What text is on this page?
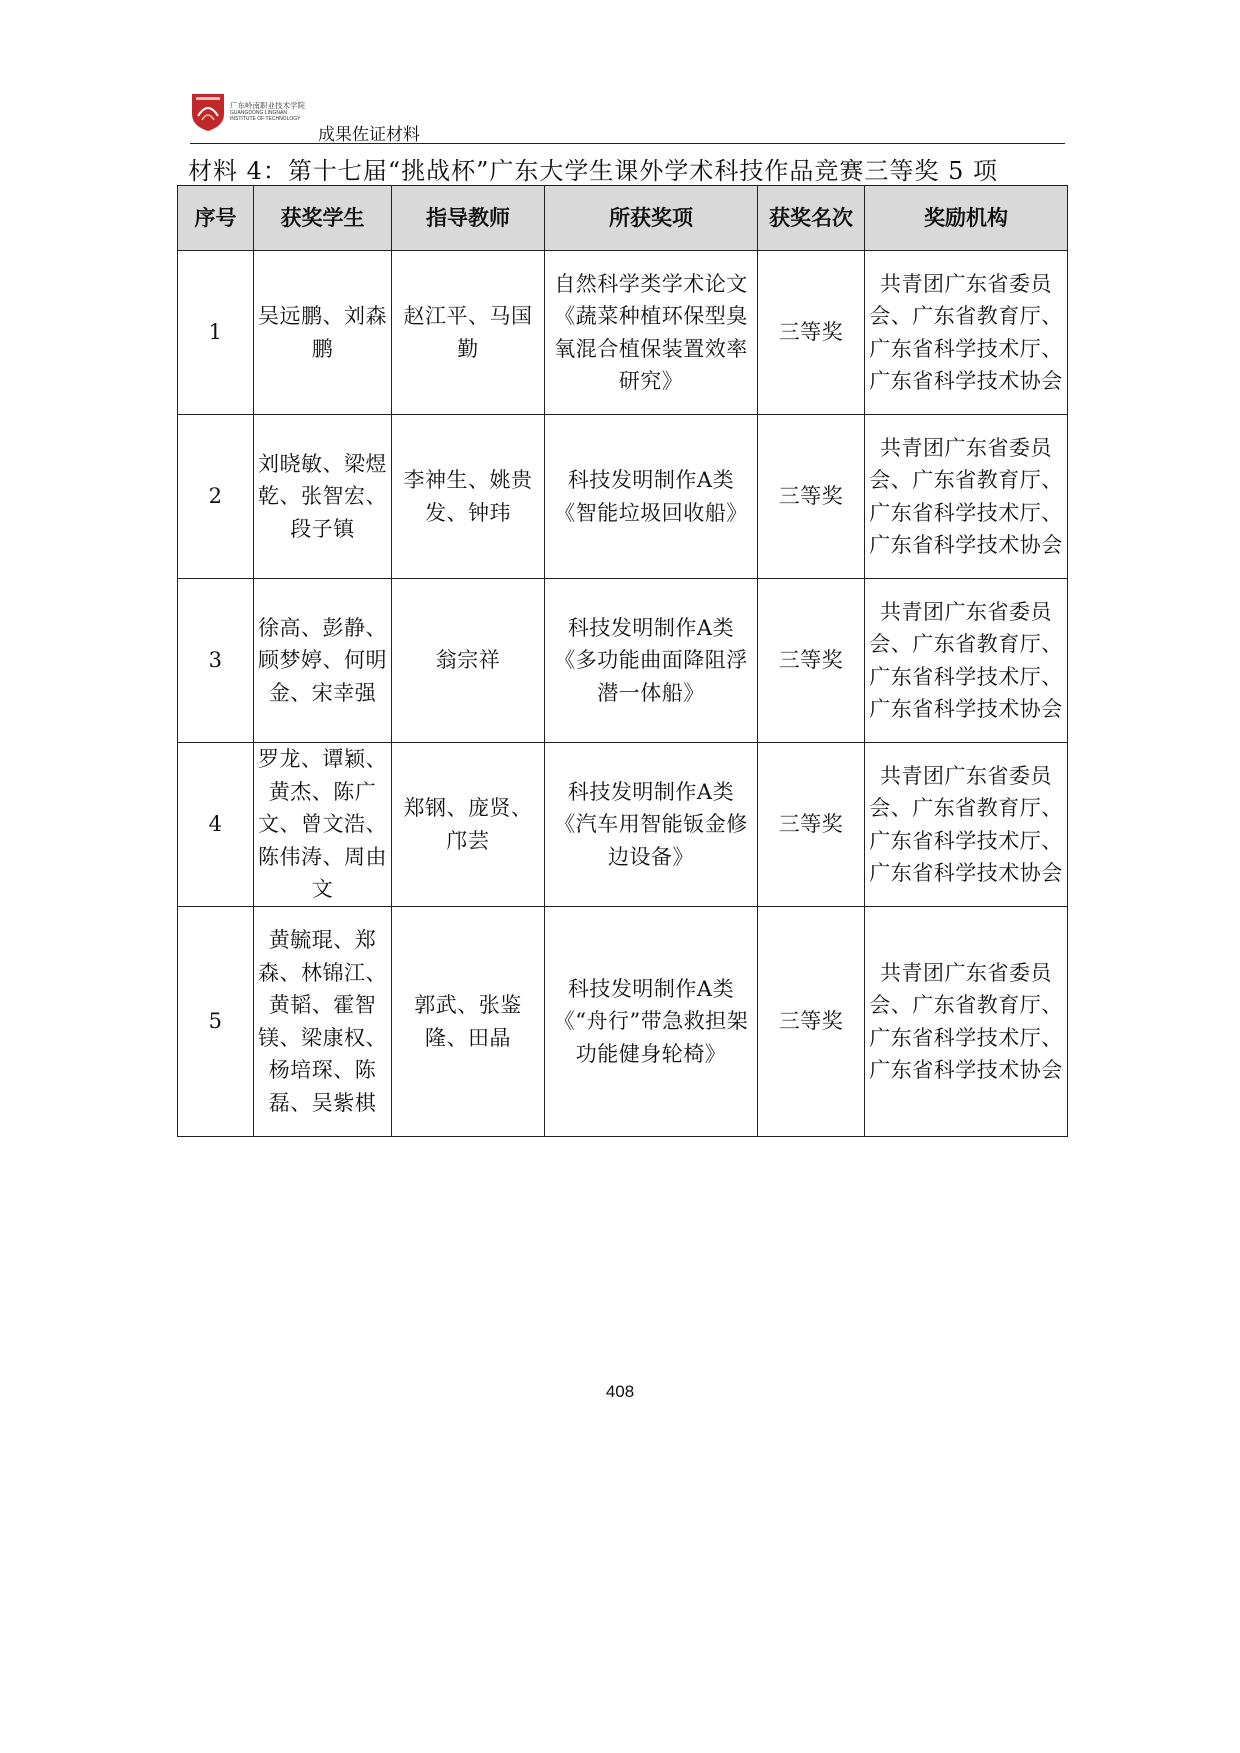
广东岭南职业技术学院
GUANGDONG LINGNAN
INSTITUTE OF TECHNOLOGY
成果佐证材料
材料 4：第十七届“挑战杯”广东大学生课外学术科技作品竞赛三等奖 5 项
序号	获奖学生	指导教师	所获奖项	获奖名次	奖励机构
1	吴远鹏、刘森鹏	赵江平、马国勤	自然科学类学术论文《蔬菜种植环保型臭氧混合植保装置效率研究》	三等奖	共青团广东省委员会、广东省教育厅、广东省科学技术厅、广东省科学技术协会
2	刘晓敏、梁煜乾、张智宏、段子镇	李神生、姚贵发、钟玮	科技发明制作A类《智能垃圾回收船》	三等奖	共青团广东省委员会、广东省教育厅、广东省科学技术厅、广东省科学技术协会
3	徐高、彭静、顾梦婷、何明金、宋幸强	翁宗祥	科技发明制作A类《多功能曲面降阻浮潜一体船》	三等奖	共青团广东省委员会、广东省教育厅、广东省科学技术厅、广东省科学技术协会
4	罗龙、谭颖、黄杰、陈广文、曾文浩、陈伟涛、周由文	郑钢、庞贤、邝芸	科技发明制作A类《汽车用智能钣金修边设备》	三等奖	共青团广东省委员会、广东省教育厅、广东省科学技术厅、广东省科学技术协会
5	黄毓琨、郑森、林锦江、黄韬、霍智镁、梁康权、杨培琛、陈磊、吴紫棋	郭武、张鉴隆、田晶	科技发明制作A类《“舟行”带急救担架功能健身轮椅》	三等奖	共青团广东省委员会、广东省教育厅、广东省科学技术厅、广东省科学技术协会
408
